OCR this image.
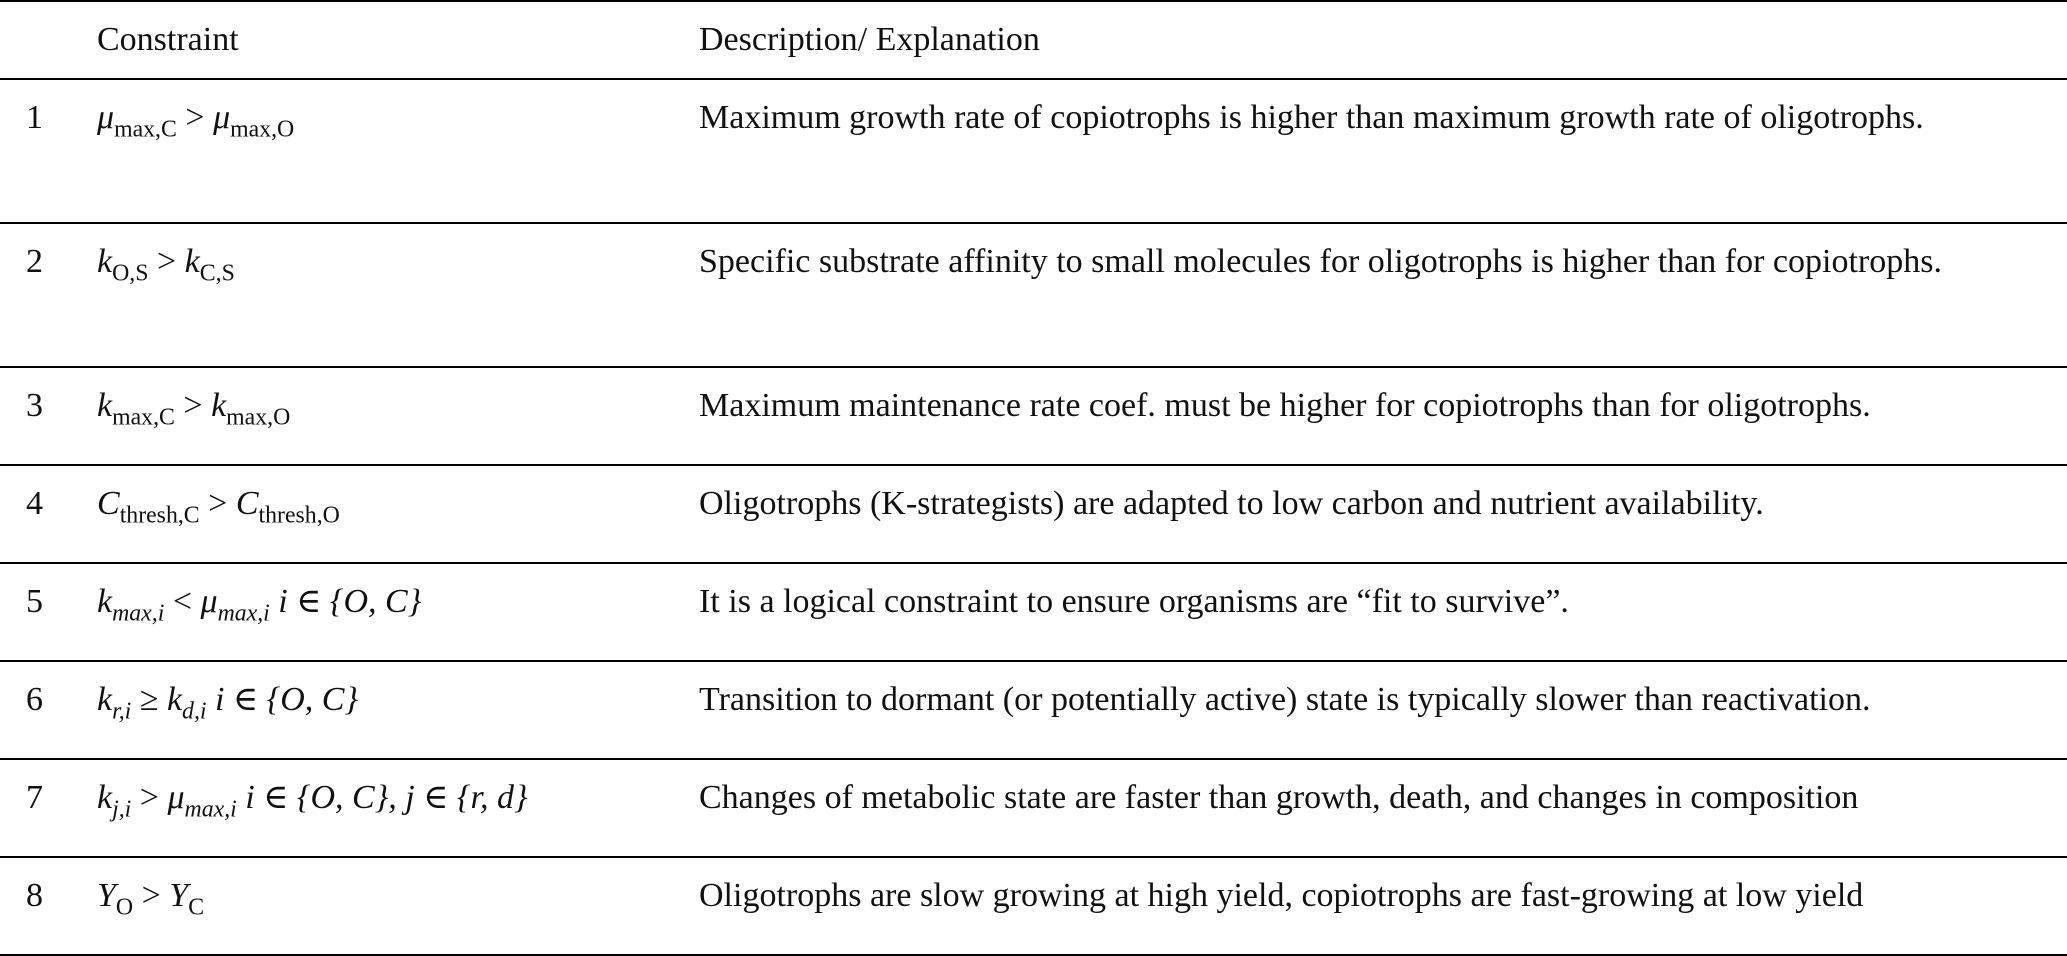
	Constraint	Description/ Explanation
1	$\mu_{max,C} > \mu_{max,O}$	Maximum growth rate of copiotrophs is higher than maximum growth rate of oligotrophs.
2	$k_{O,S} > k_{C,S}$	Specific substrate affinity to small molecules for oligotrophs is higher than for copiotrophs.
3	$k_{max,C} > k_{max,O}$	Maximum maintenance rate coef. must be higher for copiotrophs than for oligotrophs.
4	$C_{thresh,C} > C_{thresh,O}$	Oligotrophs (K-strategists) are adapted to low carbon and nutrient availability.
5	$k_{max,i} < \mu_{max,i}$ i ∈ {O, C}	It is a logical constraint to ensure organisms are “fit to survive”.
6	$k_{r,i} \ge k_{d,i}$ i ∈ {O, C}	Transition to dormant (or potentially active) state is typically slower than reactivation.
7	$k_{j,i} > \mu_{max,i}$ i ∈ {O, C}, j ∈ {r, d}	Changes of metabolic state are faster than growth, death, and changes in composition
8	$Y_O > Y_C$	Oligotrophs are slow growing at high yield, copiotrophs are fast-growing at low yield
